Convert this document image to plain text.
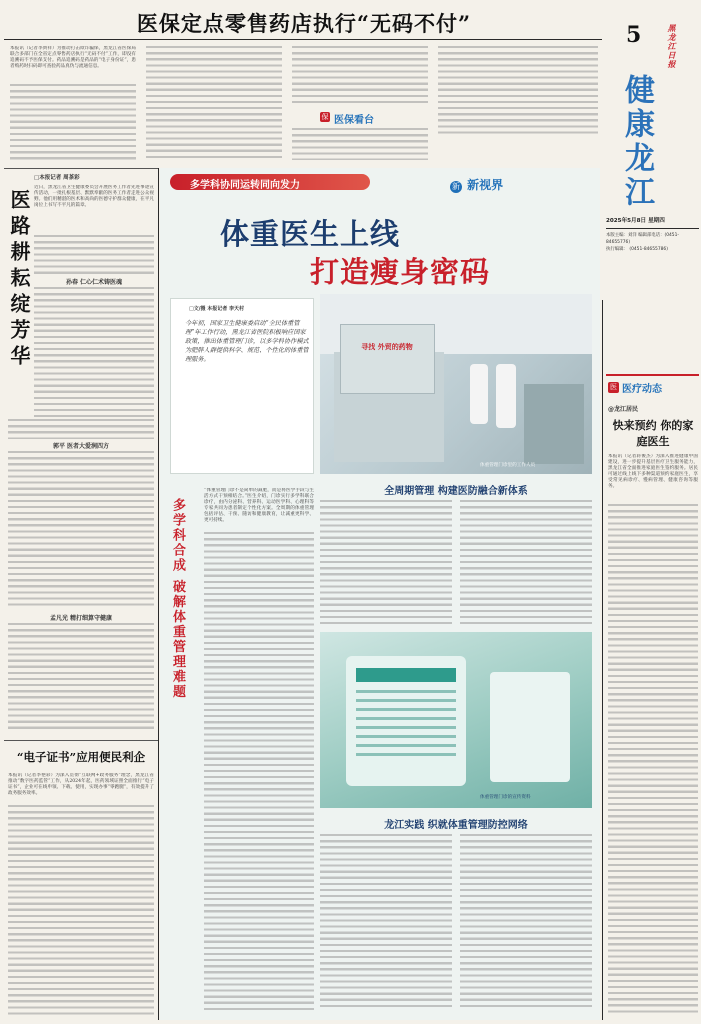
医保定点零售药店执行“无码不付”
本报讯（记者李典祥）为推动打击欺诈骗保，黑龙江省医保局联合多部门在全省定点零售药店执行“无码不付”工作，即没有追溯码不予医保支付。药品追溯码是药品的“电子身份证”，患者购药时扫码即可查验药品真伪与流通信息。
保 医保看台
5	黑龙江日报
健康龙江
2025年5月8日 星期四
本版主编：刘洋 编辑部电话：(0451-84655776)
执行编辑： (0451-84655786)
□本报记者 周茶彩
医路耕耘绽芳华
近日，黑龙江省卫生健康委员会开展医务工作者先进事迹宣传活动，一批扎根基层、默默奉献的医务工作者走进公众视野。他们用精湛的医术和高尚的医德守护群众健康，在平凡岗位上书写不平凡的篇章。
孙春 仁心仁术铸医魂
郭平 医者大爱润四方
孟凡光 精打细算守健康
“电子证书”应用便民利企
本报讯（记者李艳彩）为深入贯彻“互联网+政务服务”理念，黑龙江省推动“数字医药监管”工作，从2024年起，医药领域证照全面推行“电子证书”，企业可在线申领、下载、使用，实现办事“零跑腿”，有效提升了政务服务效率。
多学科协同运转同向发力	新 新视界
体重医生上线
打造瘦身密码
□文/摄 本报记者 李天村
今年初，国家卫生健康委启动“全民体重管理”年工作行动，黑龙江省医院积极响应国家政策，推出体重管理门诊，以多学科协作模式为肥胖人群提供科学、规范、个性化的体重管理服务。
寻找 外贸的药物
体重管理门诊里的工作人员
多学科合成 破解体重管理难题
“体重管理门诊不是简单的减肥，而是将医学手段与生活方式干预相结合。”医生介绍，门诊实行多学科联合诊疗，由内分泌科、营养科、运动医学科、心理科等专家共同为患者制定个性化方案。全周期的体重管理包括评估、干预、随访和健康教育，让减重更科学、更可持续。
全周期管理 构建医防融合新体系
体重管理门诊的宣传资料
龙江实践 织就体重管理防控网络
医 医疗动态
@龙江居民
快来预约 你的家庭医生
本报讯（记者蒋俊杰）为深入推进健康中国建设，进一步提升基层医疗卫生服务能力，黑龙江省全面推进家庭医生签约服务。居民可通过线上线下多种渠道预约家庭医生，享受常见病诊疗、慢病管理、健康咨询等服务。
